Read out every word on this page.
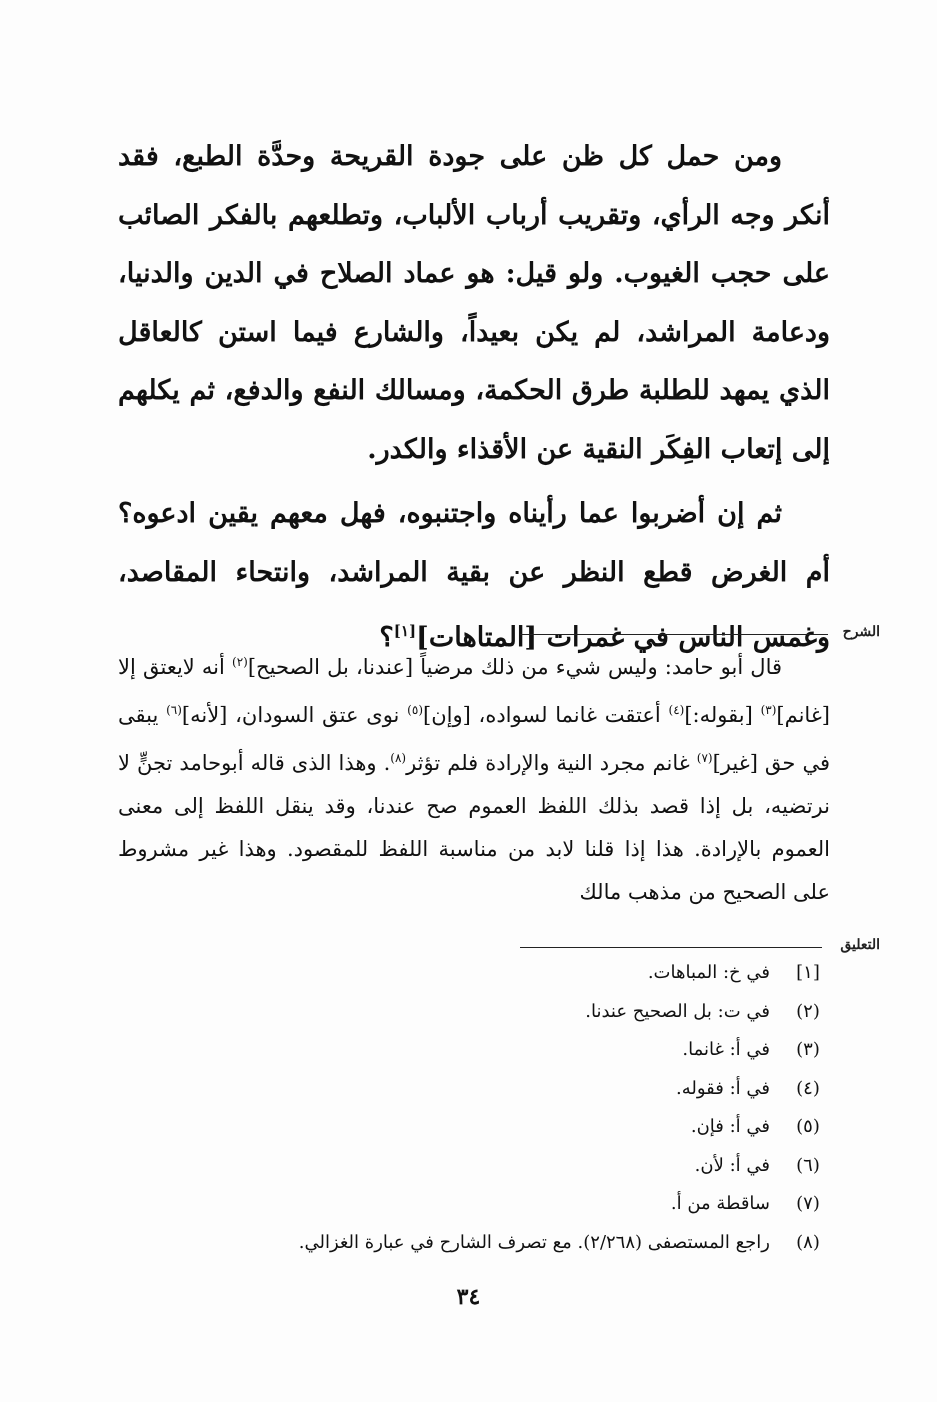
ومن حمل كل ظن على جودة القريحة وحدَّة الطبع، فقد أنكر وجه الرأي، وتقريب أرباب الألباب، وتطلعهم بالفكر الصائب على حجب الغيوب. ولو قيل: هو عماد الصلاح في الدين والدنيا، ودعامة المراشد، لم يكن بعيداً، والشارع فيما استن كالعاقل الذي يمهد للطلبة طرق الحكمة، ومسالك النفع والدفع، ثم يكلهم إلى إتعاب الفِكَر النقية عن الأقذاء والكدر.

ثم إن أضربوا عما رأيناه واجتنبوه، فهل معهم يقين ادعوه؟ أم الغرض قطع النظر عن بقية المراشد، وانتحاء المقاصد، وغمس الناس في غمرات [المتاهات][١]؟	الشرح

قال أبو حامد: وليس شيء من ذلك مرضياً [عندنا، بل الصحيح]$^{(٢)}$ أنه لايعتق إلا [غانم]$^{(٣)}$ [بقوله:]$^{(٤)}$ أعتقت غانما لسواده، [وإن]$^{(٥)}$ نوى عتق السودان، [لأنه]$^{(٦)}$ يبقى في حق [غير]$^{(٧)}$ غانم مجرد النية والإرادة فلم تؤثر$^{(٨)}$. وهذا الذى قاله أبوحامد تجنٍّ لا نرتضيه، بل إذا قصد بذلك اللفظ العموم صح عندنا، وقد ينقل اللفظ إلى معنى العموم بالإرادة. هذا إذا قلنا لابد من مناسبة اللفظ للمقصود. وهذا غير مشروط على الصحيح من مذهب مالك

التعليق
[١]
في خ: المباهات.
(٢)
في ت: بل الصحيح عندنا.
(٣)
في أ: غانما.
(٤)
في أ: فقوله.
(٥)
في أ: فإن.
(٦)
في أ: لأن.
(٧)
ساقطة من أ.
(٨)
راجع المستصفى (٢/٢٦٨). مع تصرف الشارح في عبارة الغزالي.
٣٤
